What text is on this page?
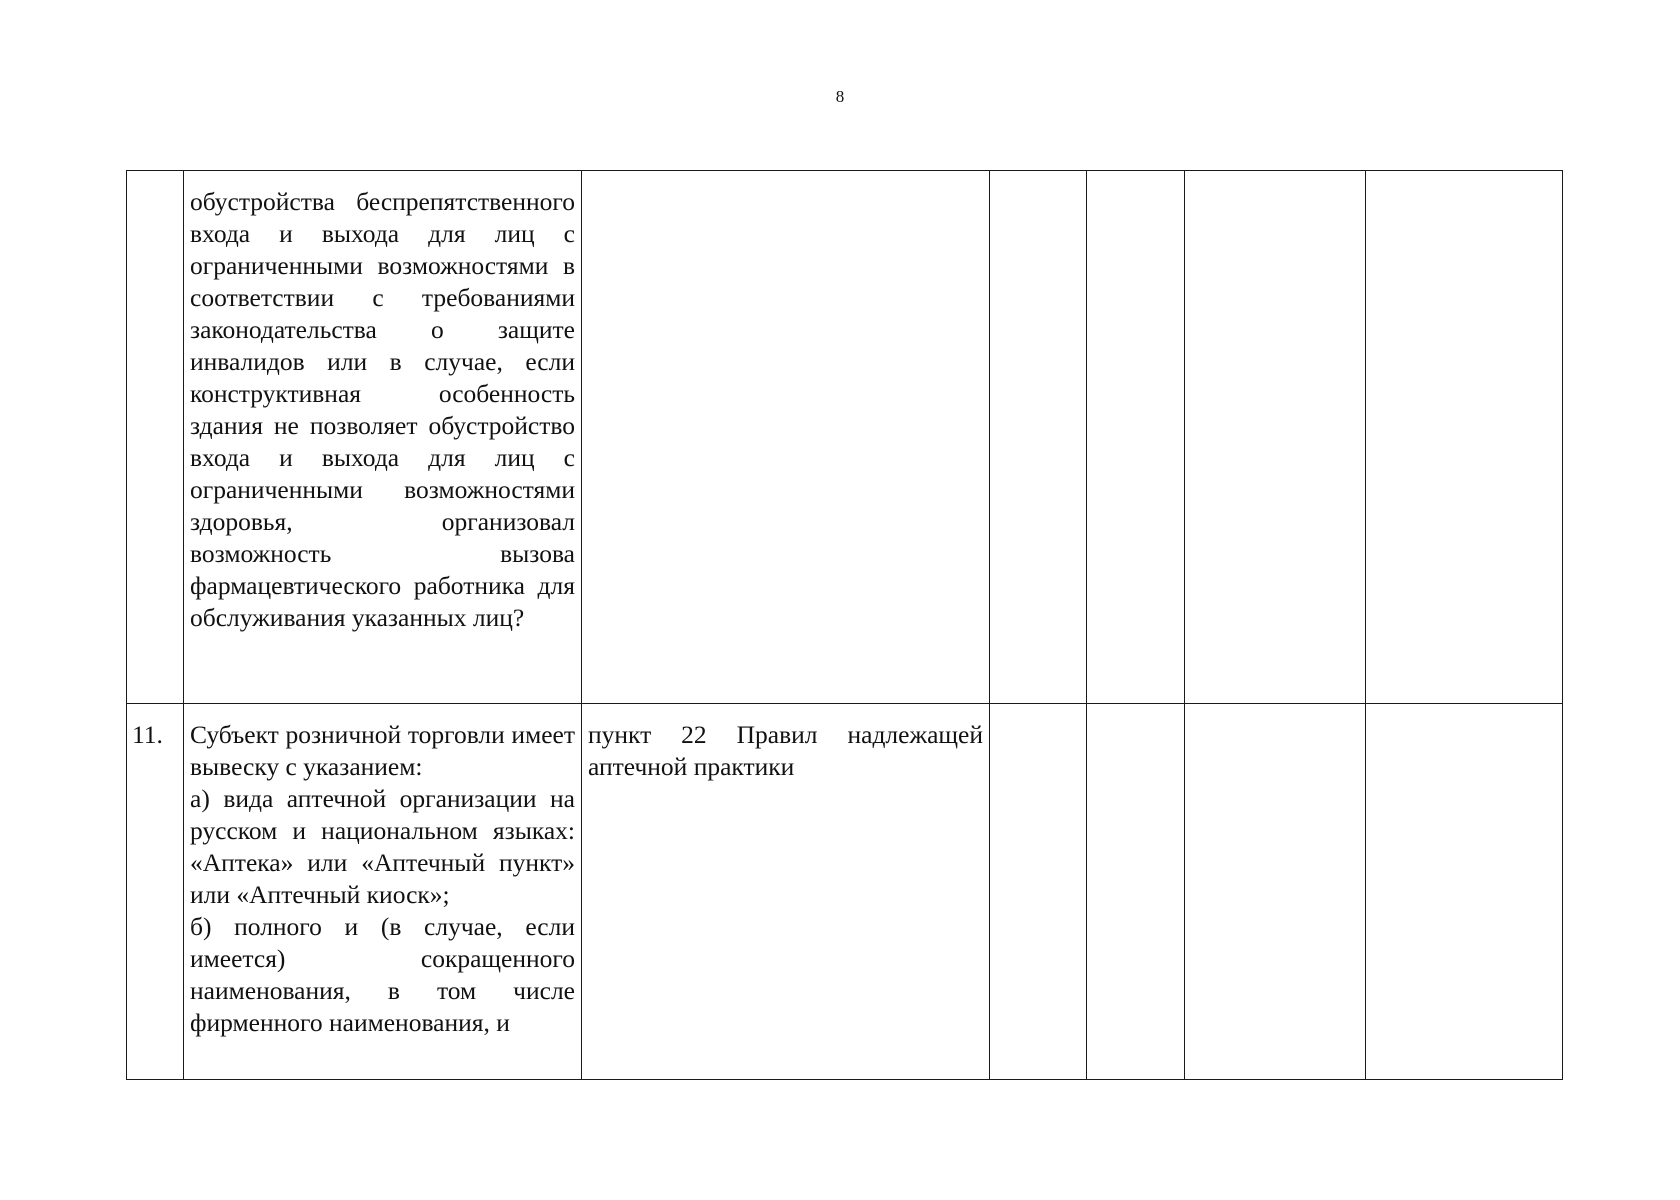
8

	обустройства беспрепятственного входа и выхода для лиц с ограниченными возможностями в соответствии с требованиями законодательства о защите инвалидов или в случае, если конструктивная особенность здания не позволяет обустройство входа и выхода для лиц с ограниченными возможностями здоровья, организовал возможность вызова фармацевтического работника для обслуживания указанных лиц?					

11.	Субъект розничной торговли имеет вывеску с указанием:
а) вида аптечной организации на русском и национальном языках: «Аптека» или «Аптечный пункт» или «Аптечный киоск»;
б) полного и (в случае, если имеется) сокращенного наименования, в том числе фирменного наименования, и	пункт 22 Правил надлежащей аптечной практики				
